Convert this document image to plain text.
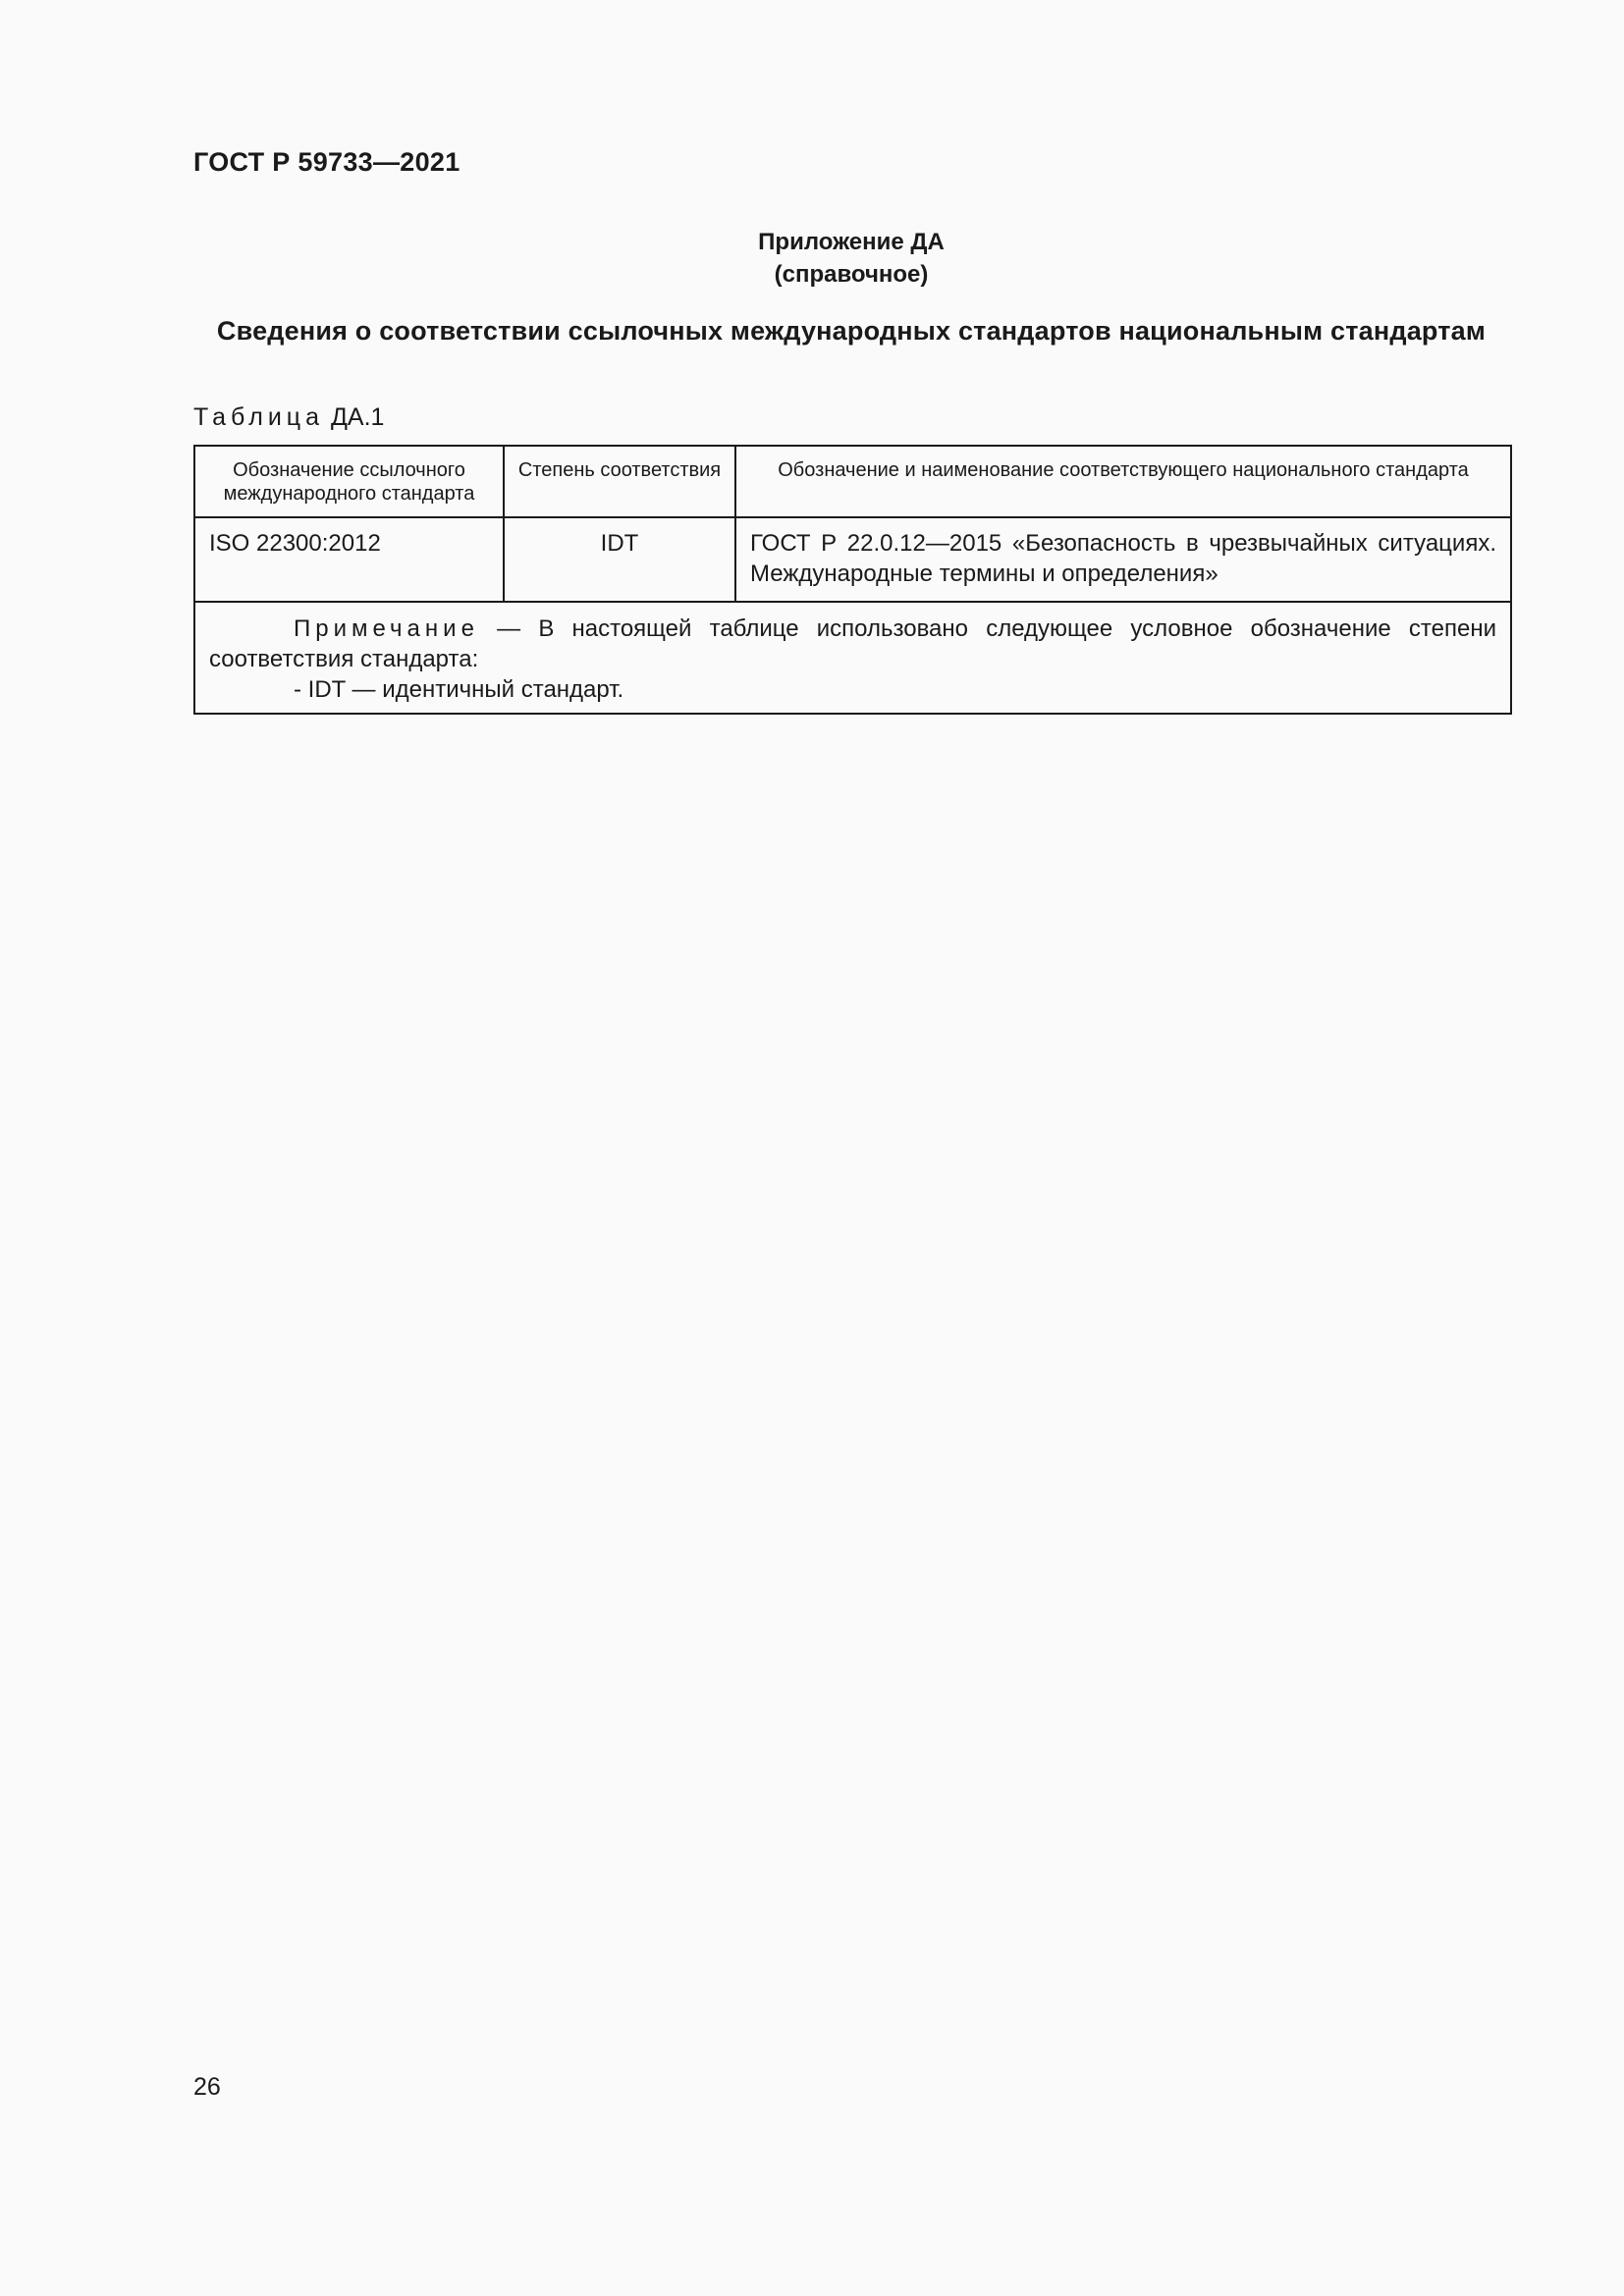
ГОСТ Р 59733—2021
Приложение ДА
(справочное)
Сведения о соответствии ссылочных международных стандартов национальным стандартам
Таблица ДА.1
Обозначение ссылочного международного стандарта	Степень соответствия	Обозначение и наименование соответствующего национального стандарта
ISO 22300:2012	IDT	ГОСТ Р 22.0.12—2015 «Безопасность в чрезвычайных ситуациях. Международные термины и определения»

Примечание — В настоящей таблице использовано следующее условное обозначение степени соответствия стандарта:

- IDT — идентичный стандарт.		

26
